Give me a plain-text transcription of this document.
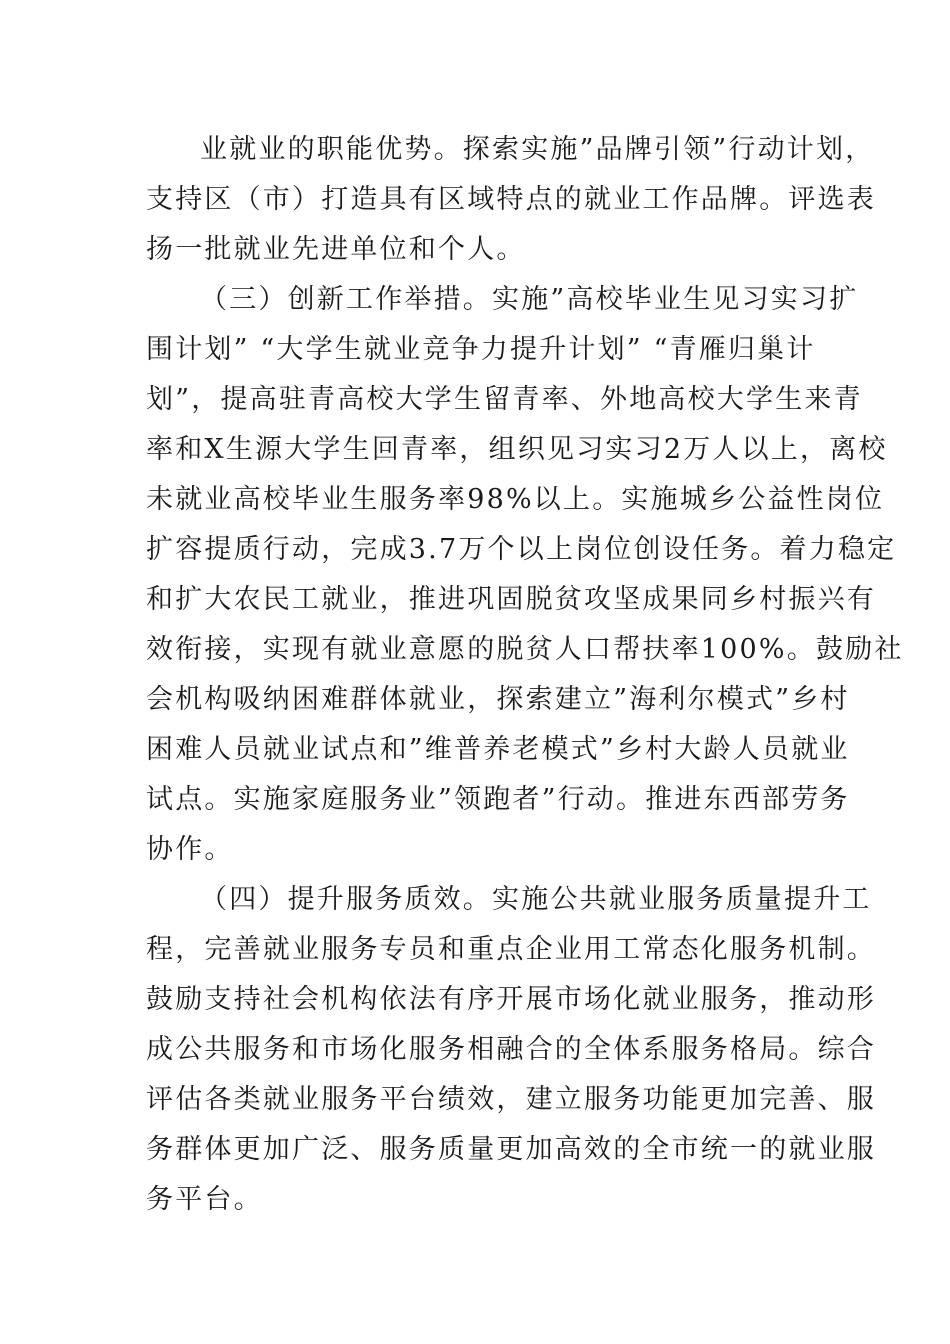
业就业的职能优势。探索实施”品牌引领”行动计划，
支持区（市）打造具有区域特点的就业工作品牌。评选表
扬一批就业先进单位和个人。
（三）创新工作举措。实施”高校毕业生见习实习扩
围计划” “大学生就业竞争力提升计划” “青雁归巢计
划”，提高驻青高校大学生留青率、外地高校大学生来青
率和X生源大学生回青率，组织见习实习2万人以上，离校
未就业高校毕业生服务率98%以上。实施城乡公益性岗位
扩容提质行动，完成3.7万个以上岗位创设任务。着力稳定
和扩大农民工就业，推进巩固脱贫攻坚成果同乡村振兴有
效衔接，实现有就业意愿的脱贫人口帮扶率100%。鼓励社
会机构吸纳困难群体就业，探索建立”海利尔模式”乡村
困难人员就业试点和”维普养老模式”乡村大龄人员就业
试点。实施家庭服务业”领跑者”行动。推进东西部劳务
协作。
（四）提升服务质效。实施公共就业服务质量提升工
程，完善就业服务专员和重点企业用工常态化服务机制。
鼓励支持社会机构依法有序开展市场化就业服务，推动形
成公共服务和市场化服务相融合的全体系服务格局。综合
评估各类就业服务平台绩效，建立服务功能更加完善、服
务群体更加广泛、服务质量更加高效的全市统一的就业服
务平台。
